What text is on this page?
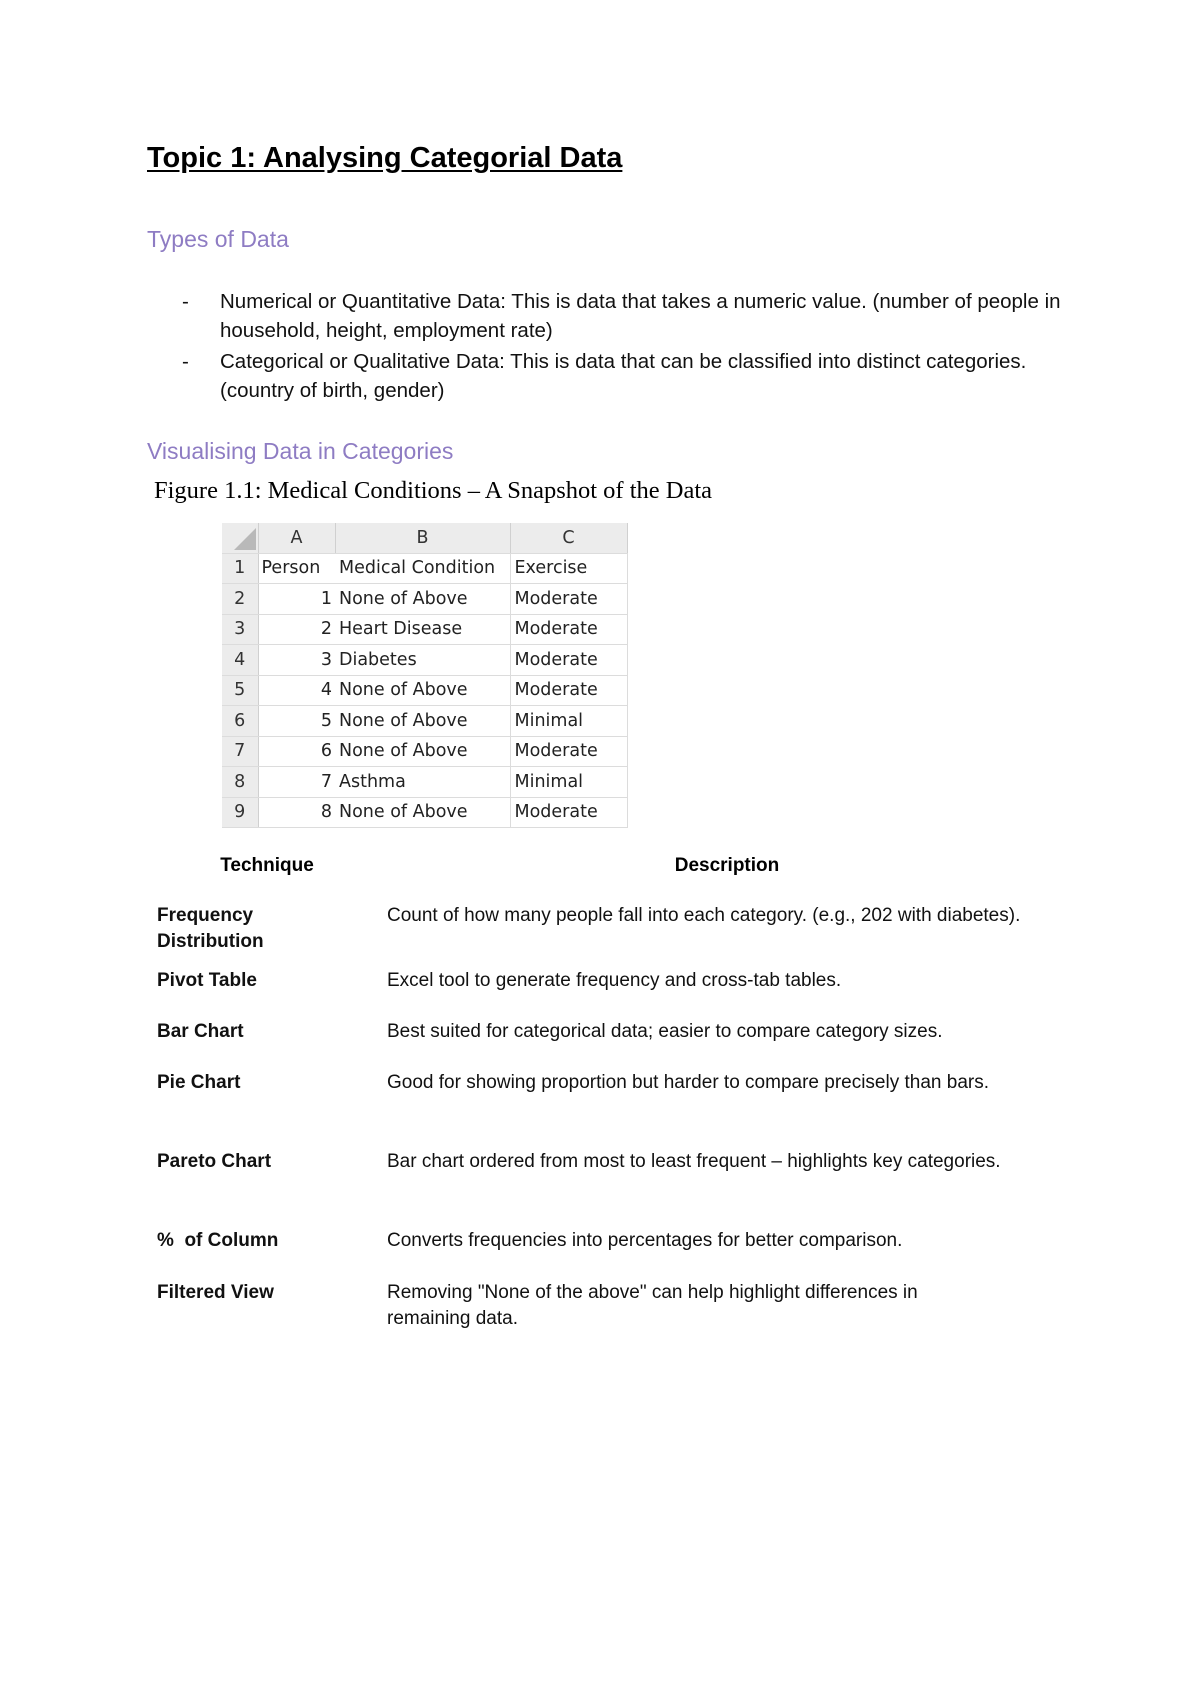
Topic 1: Analysing Categorial Data
Types of Data
- Numerical or Quantitative Data: This is data that takes a numeric value. (number of people in household, height, employment rate)
- Categorical or Qualitative Data: This is data that can be classified into distinct categories. (country of birth, gender)
Visualising Data in Categories
Figure 1.1: Medical Conditions – A Snapshot of the Data
	A	B	C
1	Person	Medical Condition	Exercise
2	1	None of Above	Moderate
3	2	Heart Disease	Moderate
4	3	Diabetes	Moderate
5	4	None of Above	Moderate
6	5	None of Above	Minimal
7	6	None of Above	Moderate
8	7	Asthma	Minimal
9	8	None of Above	Moderate
Technique	Description
Frequency Distribution	Count of how many people fall into each category. (e.g., 202 with diabetes).
Pivot Table	Excel tool to generate frequency and cross-tab tables.
Bar Chart	Best suited for categorical data; easier to compare category sizes.
Pie Chart	Good for showing proportion but harder to compare precisely than bars.
Pareto Chart	Bar chart ordered from most to least frequent – highlights key categories.
%  of Column	Converts frequencies into percentages for better comparison.
Filtered View	Removing "None of the above" can help highlight differences in remaining data.
